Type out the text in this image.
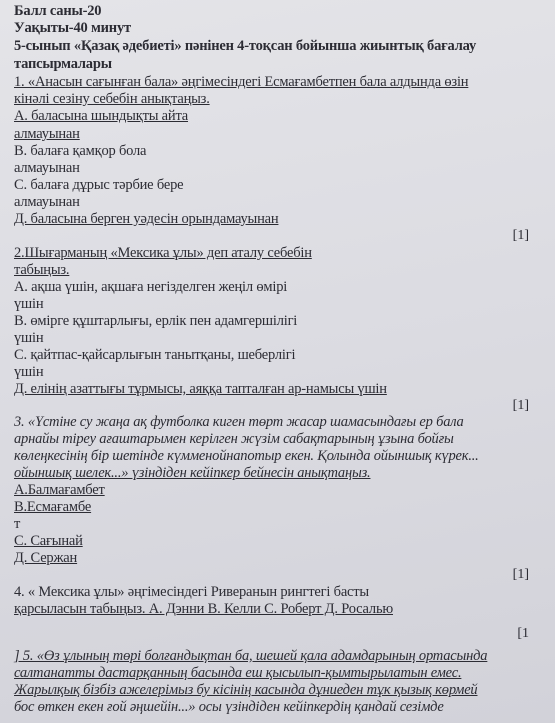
Балл саны-20
Уақыты-40 минут
5-сынып «Қазақ әдебиеті» пәнінен 4-тоқсан бойынша жиынтық бағалау
тапсырмалары
1. «Анасын сағынған бала» әңгімесіндегі Есмағамбетпен бала алдында өзін
кінәлі сезіну себебін анықтаңыз.
А. баласына шындықты айта
алмауынан
В. балаға қамқор бола
алмауынан
С. балаға дұрыс тәрбие бере
алмауынан
Д. баласына берген уәдесін орындамауынан
[1]
2.Шығарманың «Мексика ұлы» деп аталу себебін
табыңыз.
А. ақша үшін, ақшаға негізделген жеңіл өмірі
үшін
В. өмірге құштарлығы, ерлік пен адамгершілігі
үшін
С. қайтпас-қайсарлығын танытқаны, шеберлігі
үшін
Д. елінің азаттығы тұрмысы, аяққа тапталған ар-намысы үшін
[1]
3. «Үстіне су жаңа ақ футболка киген төрт жасар шамасындағы ер бала
арнайы тіреу ағаштарымен керілген жүзім сабақтарының ұзына бойғы
көлеңкесінің бір шетінде күмменойнапотыр екен. Қолында ойыншық күрек...
ойыншық шелек...» үзіндіден кейіпкер бейнесін анықтаңыз.
А.Балмағамбет
В.Есмағамбе
т
С. Сағынай
Д. Сержан
[1]
4. « Мексика ұлы» әңгімесіндегі Риверанын рингтегі басты
қарсыласын табыңыз. А. Дэнни В. Келли С. Роберт Д. Росалью
[1
] 5. «Өз ұлының төрі болғандықтан ба, шешей қала адамдарының ортасында
салтанатты дастарқанның басында еш қысылып-қымтырылатын емес.
Жарылқық бізбіз ажелерімыз бу кісінің касында дұниеден тұк қызық көрмей
бос өткен екен ғой әңшейін...» осы үзіндіден кейіпкердің қандай сезімде
